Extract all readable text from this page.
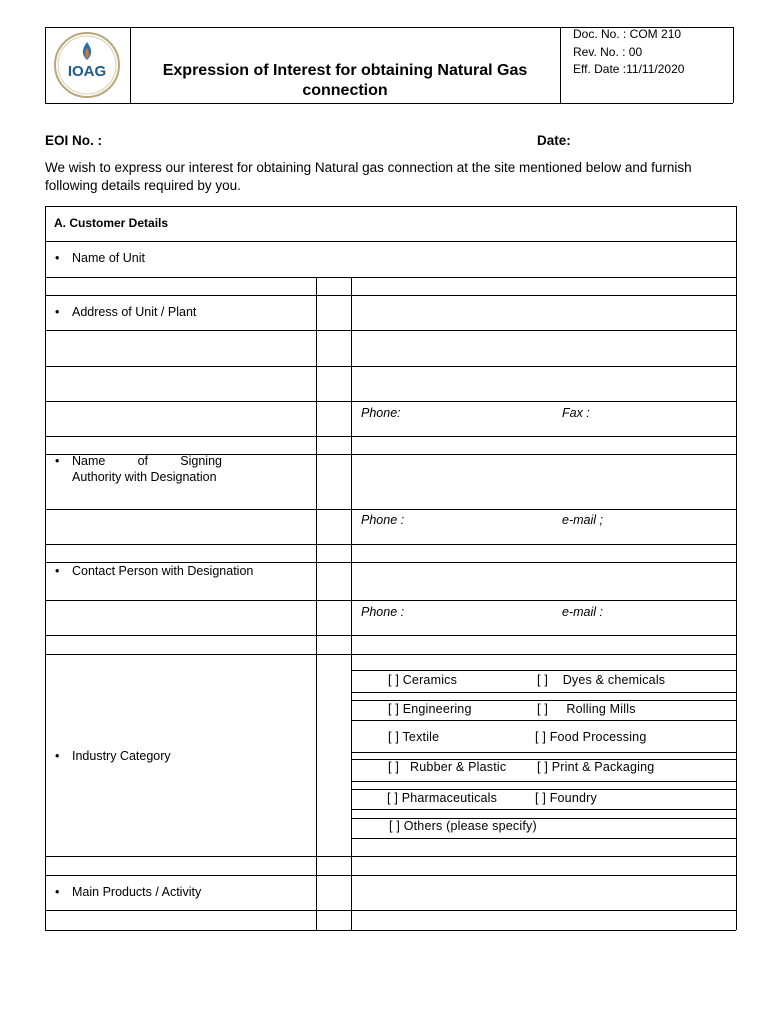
IOAG	Expression of Interest for obtaining Natural Gas
connection
Doc. No. : COM 210
Rev. No. : 00
Eff. Date :11/11/2020
EOI No. :	Date:
We wish to express our interest for obtaining Natural gas connection at the site mentioned below and furnish
following details required by you.
A. Customer Details
• Name of Unit
• Address of Unit / Plant
Phone:	Fax :
• Name of Signing
Authority with Designation
Phone :	e-mail ;
• Contact Person with Designation
Phone :	e-mail :
• Industry Category
[ ] Ceramics	[ ]    Dyes & chemicals
[ ] Engineering	[ ]     Rolling Mills
[ ] Textile	[ ] Food Processing
[ ]   Rubber & Plastic [ ] Print & Packaging
[ ] Pharmaceuticals	[ ] Foundry
[ ] Others (please specify)
• Main Products / Activity
